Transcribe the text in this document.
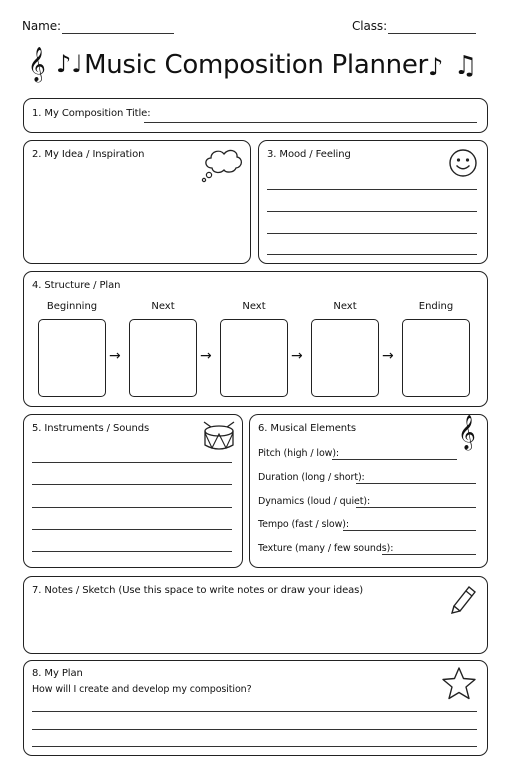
Name:	Class:
𝄞 ♪♩ Music Composition Planner ♪ ♫
1. My Composition Title:
2. My Idea / Inspiration	3. Mood / Feeling
4. Structure / Plan
Beginning	Next	Next	Next	Ending
→	→	→	→
5. Instruments / Sounds	6. Musical Elements	𝄞
Pitch (high / low):
Duration (long / short):
Dynamics (loud / quiet):
Tempo (fast / slow):
Texture (many / few sounds):
7. Notes / Sketch (Use this space to write notes or draw your ideas)
8. My Plan
How will I create and develop my composition?
